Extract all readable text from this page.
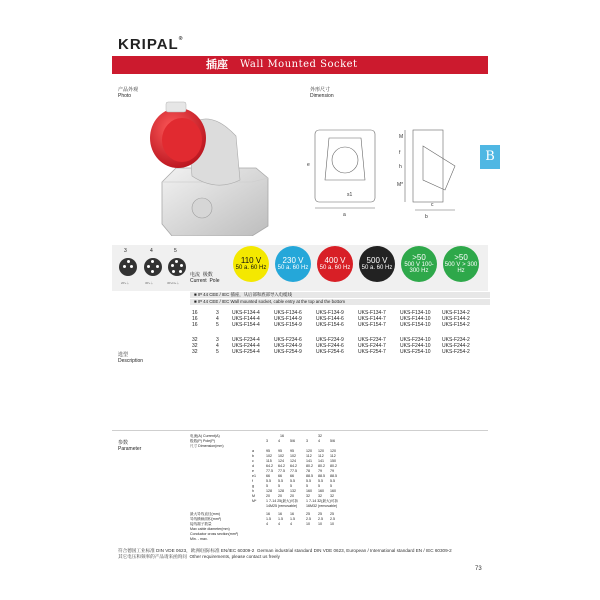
KRIPAL®
插座 Wall Mounted Socket
产品外观
Photo
外形尺寸
Dimension
M
f
h
M*
e
a	b
c
s1
B
3	4	5
2P+⏚	3P+⏚	3P+N+⏚
电流 极数
Current Pole
110 V
50 a. 60 Hz
230 V
50 a. 60 Hz
400 V
50 a. 60 Hz
500 V
50 a. 60 Hz
>50
500 V 100-300 Hz
>50
500 V > 300 Hz
■ IP 44 CEE / IEC 插座，从后部和底部导入电缆线
■ IP 44 CEE / IEC Wall mounted socket, cable entry at the top and the bottom
选型
Description
16	3	UKS-F134-4	UKS-F134-6	UKS-F134-9	UKS-F134-7	UKS-F134-10 UKS-F134-2
16	4	UKS-F144-4	UKS-F144-9	UKS-F144-6	UKS-F144-7	UKS-F144-10 UKS-F144-2
16	5	UKS-F154-4	UKS-F154-9	UKS-F154-6	UKS-F154-7	UKS-F154-10 UKS-F154-2
32	3	UKS-F234-4	UKS-F234-6	UKS-F234-9	UKS-F234-7	UKS-F234-10 UKS-F234-2
32	4	UKS-F244-4	UKS-F244-9	UKS-F244-6	UKS-F244-7	UKS-F244-10 UKS-F244-2
32	5	UKS-F254-4	UKS-F254-9	UKS-F254-6	UKS-F254-7	UKS-F254-10 UKS-F254-2
参数
Parameter
电流(A) Current(A)	16	32
极数(P) Pole(P)	3	4	5/6	3	4	5/6
尺寸 Dimension(mm)
a	95 95 95	120 120 120
b	102 102 102	112 112 112
c	115 124 124	141 141 150
d	64.2 64.2 64.2	80.2 80.2 80.2
e	77.5 77.5 77.5	78 79 79
e1	66 66 66	88.5 88.5 88.5
f	5.5 5.5 5.5	5.5 5.5 5.5
g	5	5	5	5	5	5
h	128 128 132	160 160 160
M	20 20 20	32 32 32
M*	1 7-14 25(最大)可拆 1 7-14 32(最大)可拆
14M25 (removable) 16M32 (removable)
最大导线直径(mm)	16 16 16	25 25 25
导线横截面积(mm²)	1.5 1.5 1.5	2.5 2.5 2.5
接线端子数量	4	4	4	10 10 10
Max cable diameter(mm)
Conductor cross section(mm²)
Min. - max.
符合德国工业标准 DIN VDE 0623，欧洲/国际标准 EN/IEC 60309-2 German industrial standard DIN VDE 0623, European / International standard EN / IEC 60309-2
其它电压和频率的产品请来函询问 Other requirements, please contact us freely
73
